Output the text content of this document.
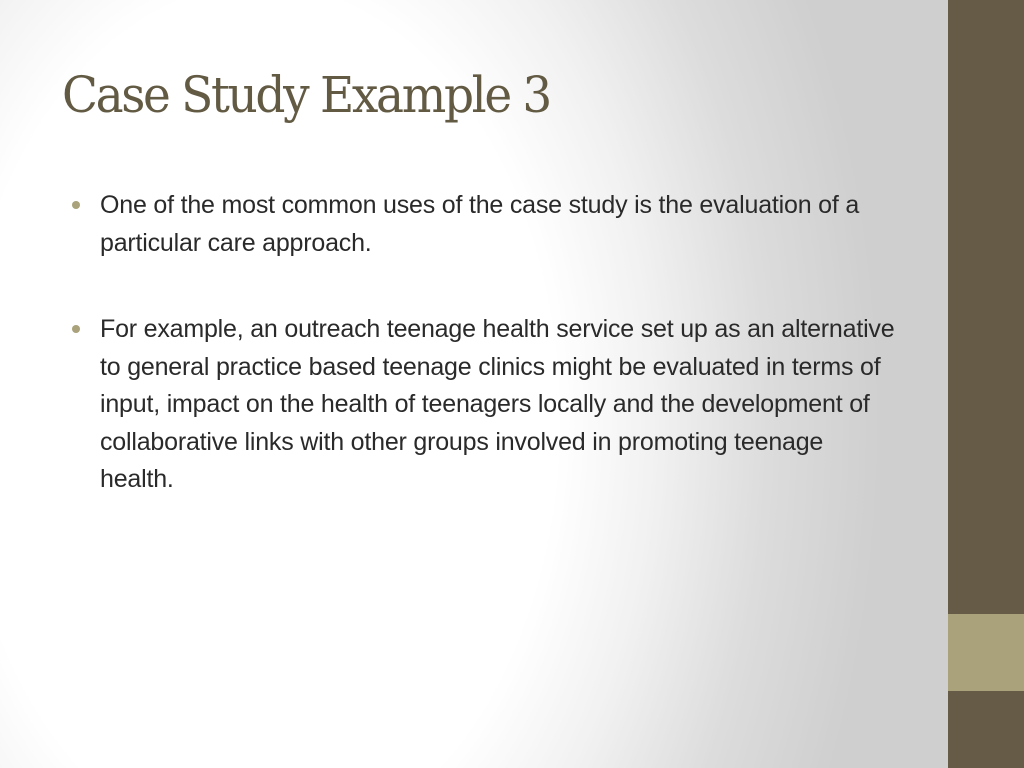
Case Study Example 3
One of the most common uses of the case study is the evaluation of a particular care approach.
For example, an outreach teenage health service set up as an alternative to general practice based teenage clinics might be evaluated in terms of input, impact on the health of teenagers locally and the development of collaborative links with other groups involved in promoting teenage health.
